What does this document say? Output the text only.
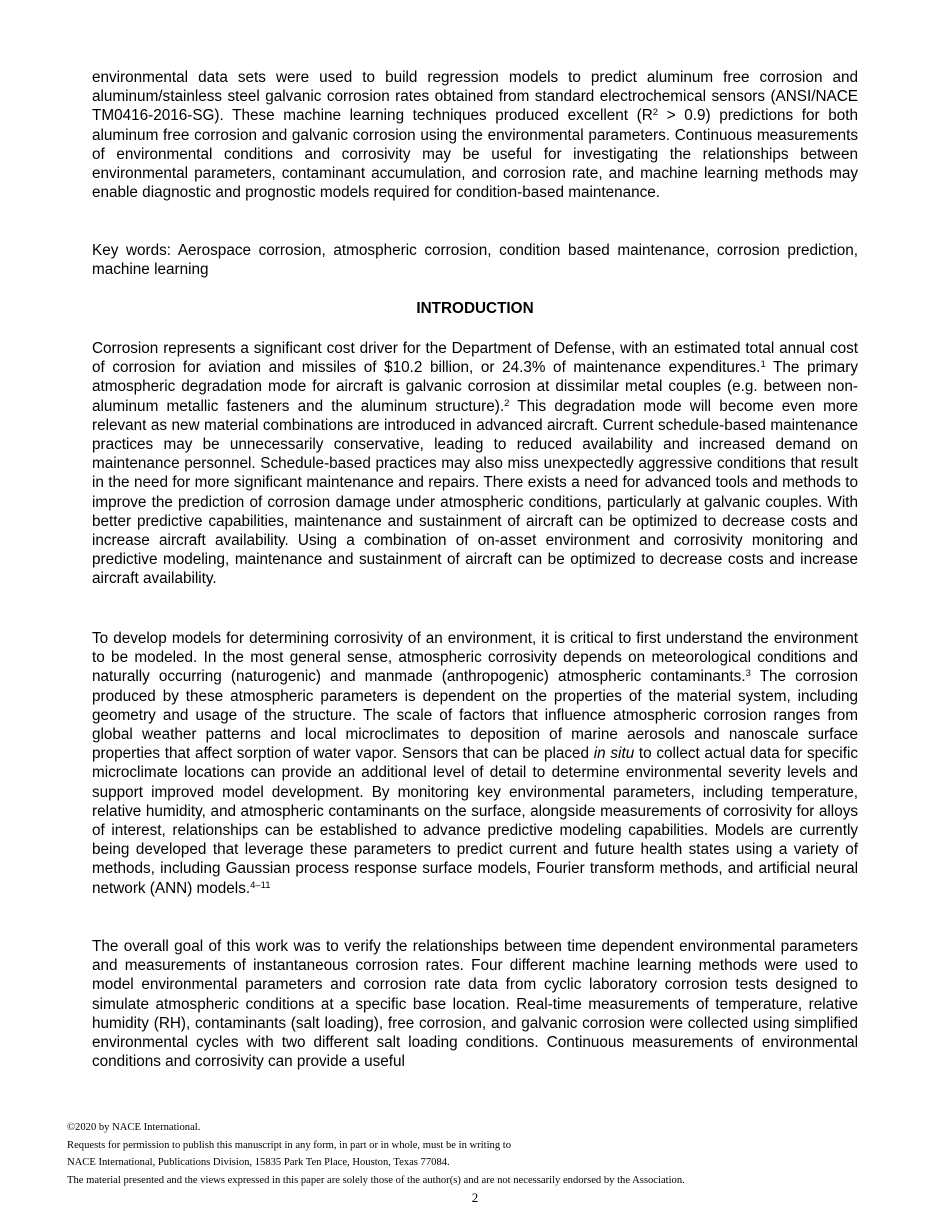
environmental data sets were used to build regression models to predict aluminum free corrosion and aluminum/stainless steel galvanic corrosion rates obtained from standard electrochemical sensors (ANSI/NACE TM0416-2016-SG). These machine learning techniques produced excellent $(R^2 > 0.9)$ predictions for both aluminum free corrosion and galvanic corrosion using the environmental parameters. Continuous measurements of environmental conditions and corrosivity may be useful for investigating the relationships between environmental parameters, contaminant accumulation, and corrosion rate, and machine learning methods may enable diagnostic and prognostic models required for condition-based maintenance.

Key words: Aerospace corrosion, atmospheric corrosion, condition based maintenance, corrosion prediction, machine learning

INTRODUCTION

Corrosion represents a significant cost driver for the Department of Defense, with an estimated total annual cost of corrosion for aviation and missiles of $10.2 billion, or 24.3% of maintenance expenditures.$^1$ The primary atmospheric degradation mode for aircraft is galvanic corrosion at dissimilar metal couples (e.g. between non-aluminum metallic fasteners and the aluminum structure).$^2$ This degradation mode will become even more relevant as new material combinations are introduced in advanced aircraft. Current schedule-based maintenance practices may be unnecessarily conservative, leading to reduced availability and increased demand on maintenance personnel. Schedule-based practices may also miss unexpectedly aggressive conditions that result in the need for more significant maintenance and repairs. There exists a need for advanced tools and methods to improve the prediction of corrosion damage under atmospheric conditions, particularly at galvanic couples. With better predictive capabilities, maintenance and sustainment of aircraft can be optimized to decrease costs and increase aircraft availability. Using a combination of on-asset environment and corrosivity monitoring and predictive modeling, maintenance and sustainment of aircraft can be optimized to decrease costs and increase aircraft availability.

To develop models for determining corrosivity of an environment, it is critical to first understand the environment to be modeled. In the most general sense, atmospheric corrosivity depends on meteorological conditions and naturally occurring (naturogenic) and manmade (anthropogenic) atmospheric contaminants.$^3$ The corrosion produced by these atmospheric parameters is dependent on the properties of the material system, including geometry and usage of the structure. The scale of factors that influence atmospheric corrosion ranges from global weather patterns and local microclimates to deposition of marine aerosols and nanoscale surface properties that affect sorption of water vapor. Sensors that can be placed in situ to collect actual data for specific microclimate locations can provide an additional level of detail to determine environmental severity levels and support improved model development. By monitoring key environmental parameters, including temperature, relative humidity, and atmospheric contaminants on the surface, alongside measurements of corrosivity for alloys of interest, relationships can be established to advance predictive modeling capabilities. Models are currently being developed that leverage these parameters to predict current and future health states using a variety of methods, including Gaussian process response surface models, Fourier transform methods, and artificial neural network (ANN) models.$^{4-11}$

The overall goal of this work was to verify the relationships between time dependent environmental parameters and measurements of instantaneous corrosion rates. Four different machine learning methods were used to model environmental parameters and corrosion rate data from cyclic laboratory corrosion tests designed to simulate atmospheric conditions at a specific base location. Real-time measurements of temperature, relative humidity (RH), contaminants (salt loading), free corrosion, and galvanic corrosion were collected using simplified environmental cycles with two different salt loading conditions. Continuous measurements of environmental conditions and corrosivity can provide a useful

©2020 by NACE International.

Requests for permission to publish this manuscript in any form, in part or in whole, must be in writing to

NACE International, Publications Division, 15835 Park Ten Place, Houston, Texas 77084.

The material presented and the views expressed in this paper are solely those of the author(s) and are not necessarily endorsed by the Association.

2
